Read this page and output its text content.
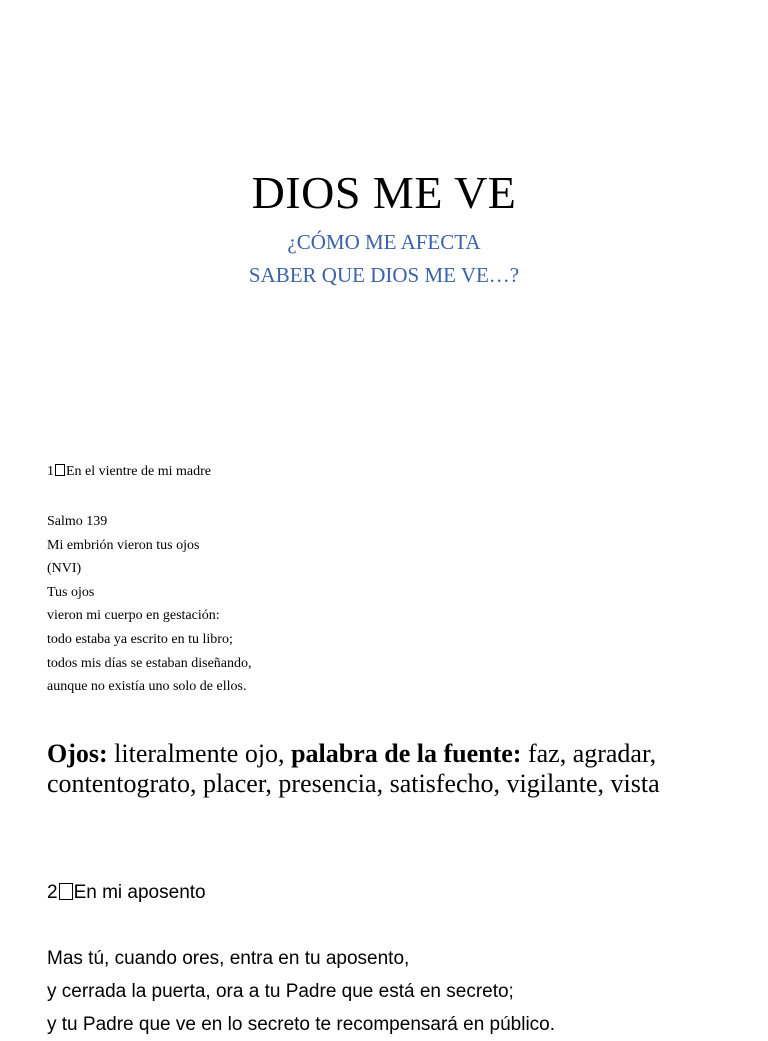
DIOS ME VE

¿CÓMO ME AFECTA

SABER QUE DIOS ME VE…?

1 En el vientre de mi madre

Salmo 139
Mi embrión vieron tus ojos
(NVI)
Tus ojos
vieron mi cuerpo en gestación:
todo estaba ya escrito en tu libro;
todos mis días se estaban diseñando,
aunque no existía uno solo de ellos.

Ojos: literalmente ojo, palabra de la fuente: faz, agradar, contentograto, placer, presencia, satisfecho, vigilante, vista

2 En mi aposento

Mas tú, cuando ores, entra en tu aposento,
y cerrada la puerta, ora a tu Padre que está en secreto;
y tu Padre que ve en lo secreto te recompensará en público.
